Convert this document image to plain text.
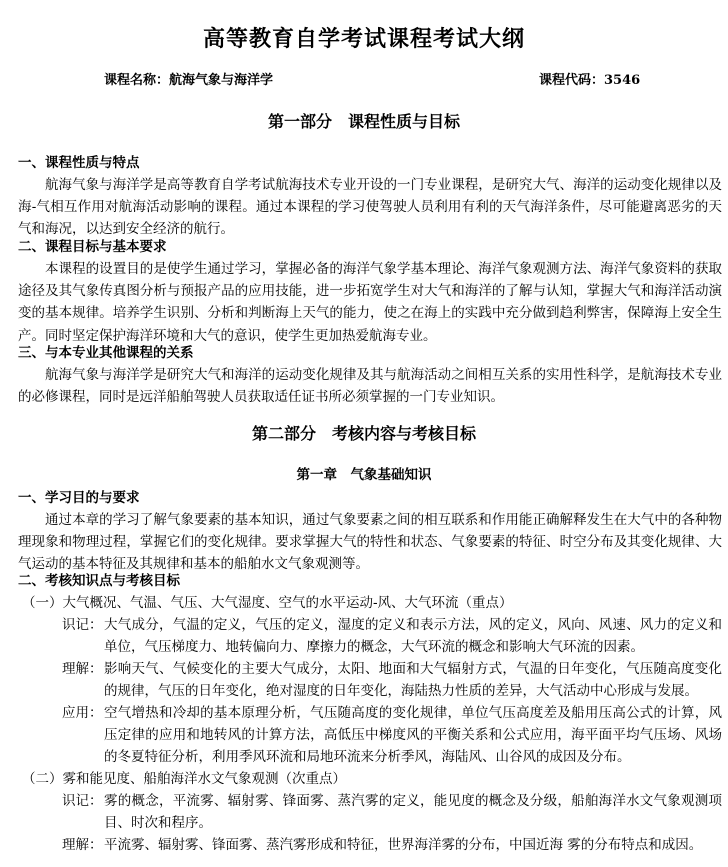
高等教育自学考试课程考试大纲
课程名称：航海气象与海洋学	课程代码：3546
第一部分　课程性质与目标
一、课程性质与特点

航海气象与海洋学是高等教育自学考试航海技术专业开设的一门专业课程，是研究大气、海洋的运动变化规律以及海-气相互作用对航海活动影响的课程。通过本课程的学习使驾驶人员利用有利的天气海洋条件，尽可能避离恶劣的天气和海况，以达到安全经济的航行。

二、课程目标与基本要求

本课程的设置目的是使学生通过学习，掌握必备的海洋气象学基本理论、海洋气象观测方法、海洋气象资料的获取途径及其气象传真图分析与预报产品的应用技能，进一步拓宽学生对大气和海洋的了解与认知，掌握大气和海洋活动演变的基本规律。培养学生识别、分析和判断海上天气的能力，使之在海上的实践中充分做到趋利弊害，保障海上安全生产。同时坚定保护海洋环境和大气的意识，使学生更加热爱航海专业。

三、与本专业其他课程的关系

航海气象与海洋学是研究大气和海洋的运动变化规律及其与航海活动之间相互关系的实用性科学，是航海技术专业的必修课程，同时是远洋船舶驾驶人员获取适任证书所必须掌握的一门专业知识。

第二部分　考核内容与考核目标
第一章　气象基础知识
一、学习目的与要求

通过本章的学习了解气象要素的基本知识，通过气象要素之间的相互联系和作用能正确解释发生在大气中的各种物理现象和物理过程，掌握它们的变化规律。要求掌握大气的特性和状态、气象要素的特征、时空分布及其变化规律、大气运动的基本特征及其规律和基本的船舶水文气象观测等。

二、考核知识点与考核目标
（一）大气概况、气温、气压、大气湿度、空气的水平运动-风、大气环流（重点）
识记： 大气成分，气温的定义，气压的定义，湿度的定义和表示方法，风的定义，风向、风速、风力的定义和单位，气压梯度力、地转偏向力、摩擦力的概念，大气环流的概念和影响大气环流的因素。
理解： 影响天气、气候变化的主要大气成分，太阳、地面和大气辐射方式，气温的日年变化，气压随高度变化的规律，气压的日年变化，绝对湿度的日年变化，海陆热力性质的差异，大气活动中心形成与发展。
应用： 空气增热和冷却的基本原理分析，气压随高度的变化规律，单位气压高度差及船用压高公式的计算，风压定律的应用和地转风的计算方法，高低压中梯度风的平衡关系和公式应用，海平面平均气压场、风场的冬夏特征分析，利用季风环流和局地环流来分析季风，海陆风、山谷风的成因及分布。
（二）雾和能见度、船舶海洋水文气象观测（次重点）
识记： 雾的概念，平流雾、辐射雾、锋面雾、蒸汽雾的定义，能见度的概念及分级，船舶海洋水文气象观测项目、时次和程序。
理解： 平流雾、辐射雾、锋面雾、蒸汽雾形成和特征，世界海洋雾的分布，中国近海 雾的分布特点和成因。
